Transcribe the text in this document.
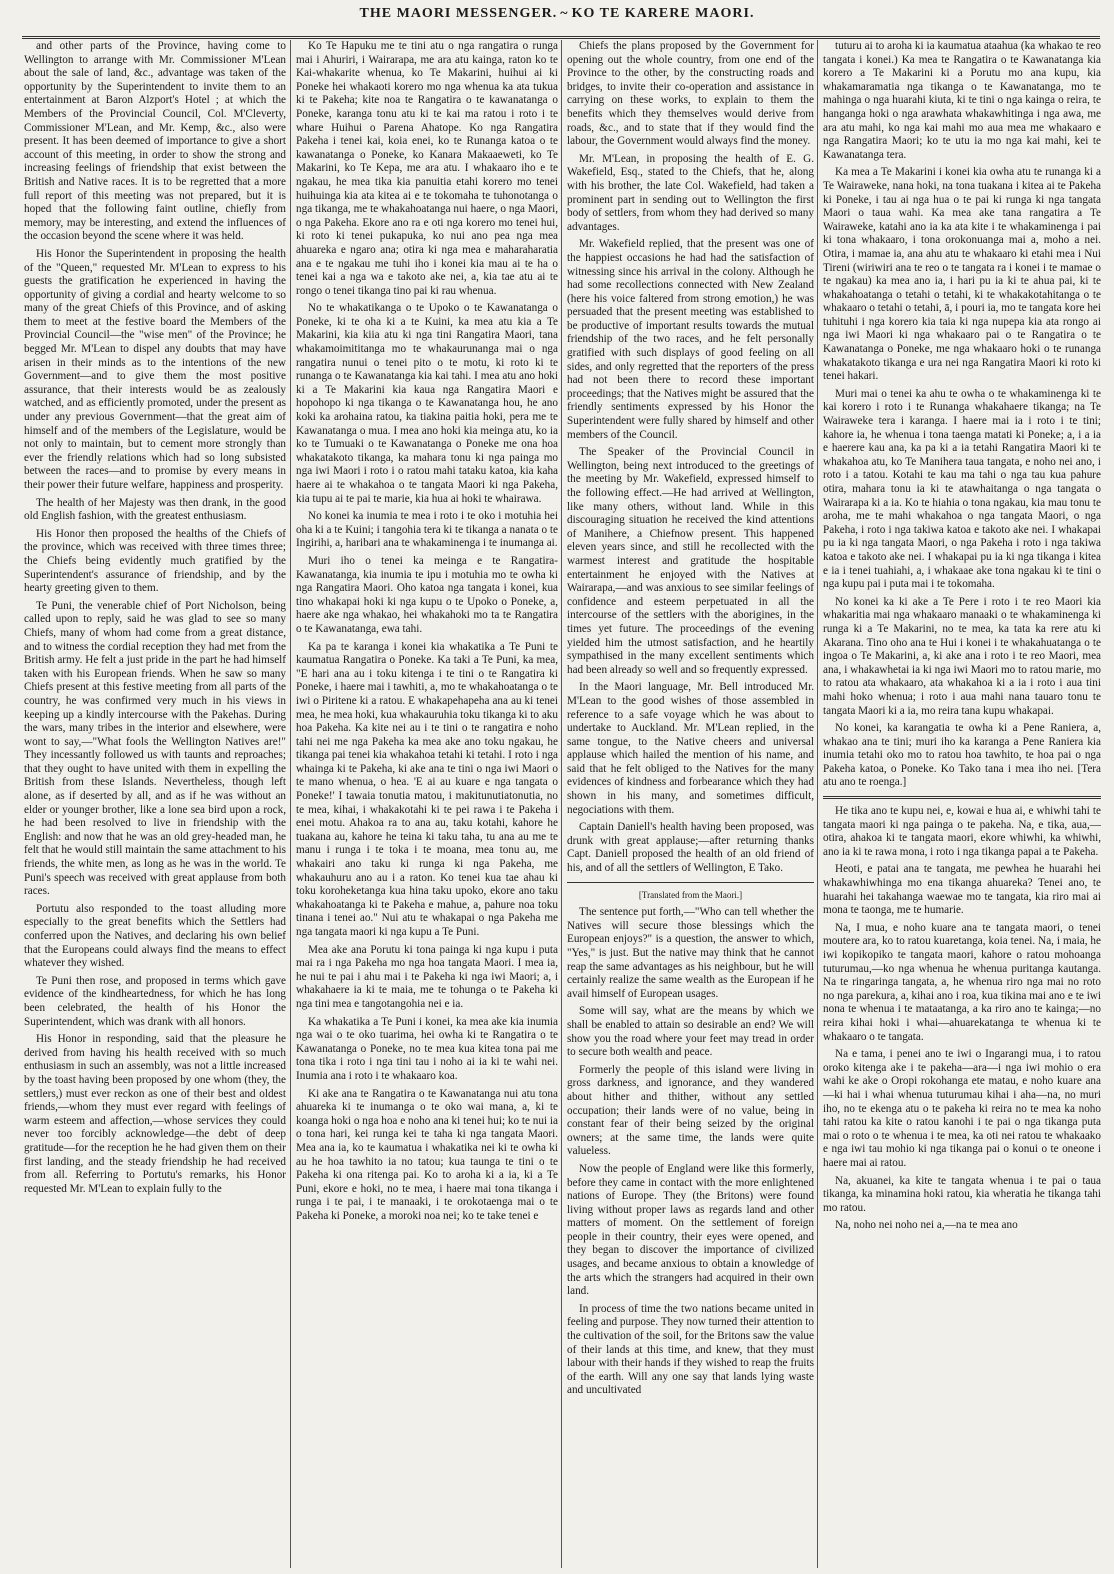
THE MAORI MESSENGER. ~ KO TE KARERE MAORI.

and other parts of the Province, having come to Wellington to arrange with Mr. Commissioner M'Lean about the sale of land, &c., advantage was taken of the opportunity by the Superintendent to invite them to an entertainment at Baron Alzport's Hotel ; at which the Members of the Provincial Council, Col. M'Cleverty, Commissioner M'Lean, and Mr. Kemp, &c., also were present. It has been deemed of importance to give a short account of this meeting, in order to show the strong and increasing feelings of friendship that exist between the British and Native races. It is to be regretted that a more full report of this meeting was not prepared, but it is hoped that the following faint outline, chiefly from memory, may be interesting, and extend the influences of the occasion beyond the scene where it was held.

His Honor the Superintendent in proposing the health of the "Queen," requested Mr. M'Lean to express to his guests the gratification he experienced in having the opportunity of giving a cordial and hearty welcome to so many of the great Chiefs of this Province, and of asking them to meet at the festive board the Members of the Provincial Council—the "wise men" of the Province; he begged Mr. M'Lean to dispel any doubts that may have arisen in their minds as to the intentions of the new Government—and to give them the most positive assurance, that their interests would be as zealously watched, and as efficiently promoted, under the present as under any previous Government—that the great aim of himself and of the members of the Legislature, would be not only to maintain, but to cement more strongly than ever the friendly relations which had so long subsisted between the races—and to promise by every means in their power their future welfare, happiness and prosperity.

The health of her Majesty was then drank, in the good old English fashion, with the greatest enthusiasm.

His Honor then proposed the healths of the Chiefs of the province, which was received with three times three; the Chiefs being evidently much gratified by the Superintendent's assurance of friendship, and by the hearty greeting given to them.

Te Puni, the venerable chief of Port Nicholson, being called upon to reply, said he was glad to see so many Chiefs, many of whom had come from a great distance, and to witness the cordial reception they had met from the British army. He felt a just pride in the part he had himself taken with his European friends. When he saw so many Chiefs present at this festive meeting from all parts of the country, he was confirmed very much in his views in keeping up a kindly intercourse with the Pakehas. During the wars, many tribes in the interior and elsewhere, were wont to say,—"What fools the Wellington Natives are!" They incessantly followed us with taunts and reproaches; that they ought to have united with them in expelling the British from these Islands. Nevertheless, though left alone, as if deserted by all, and as if he was without an elder or younger brother, like a lone sea bird upon a rock, he had been resolved to live in friendship with the English: and now that he was an old grey-headed man, he felt that he would still maintain the same attachment to his friends, the white men, as long as he was in the world. Te Puni's speech was received with great applause from both races.

Portutu also responded to the toast alluding more especially to the great benefits which the Settlers had conferred upon the Natives, and declaring his own belief that the Europeans could always find the means to effect whatever they wished.

Te Puni then rose, and proposed in terms which gave evidence of the kindheartedness, for which he has long been celebrated, the health of his Honor the Superintendent, which was drank with all honors.

His Honor in responding, said that the pleasure he derived from having his health received with so much enthusiasm in such an assembly, was not a little increased by the toast having been proposed by one whom (they, the settlers,) must ever reckon as one of their best and oldest friends,—whom they must ever regard with feelings of warm esteem and affection,—whose services they could never too forcibly acknowledge—the debt of deep gratitude—for the reception he he had given them on their first landing, and the steady friendship he had received from all. Referring to Portutu's remarks, his Honor requested Mr. M'Lean to explain fully to the

Ko Te Hapuku me te tini atu o nga rangatira o runga mai i Ahuriri, i Wairarapa, me ara atu kainga, raton ko te Kai-whakarite whenua, ko Te Makarini, huihui ai ki Poneke hei whakaoti korero mo nga whenua ka ata tukua ki te Pakeha; kite noa te Rangatira o te kawanatanga o Poneke, karanga tonu atu ki te kai ma ratou i roto i te whare Huihui o Parena Ahatope. Ko nga Rangatira Pakeha i tenei kai, koia enei, ko te Runanga katoa o te kawanatanga o Poneke, ko Kanara Makaaeweti, ko Te Makarini, ko Te Kepa, me ara atu. I whakaaro iho e te ngakau, he mea tika kia panuitia etahi korero mo tenei huihuinga kia ata kitea ai e te tokomaha te tuhonotanga o nga tikanga, me te whakahoatanga nui haere, o nga Maori, o nga Pakeha. Ekore ano ra e oti nga korero mo tenei hui, ki roto ki tenei pukapuka, ko nui ano pea nga mea ahuareka e ngaro ana; otira ki nga mea e maharaharatia ana e te ngakau me tuhi iho i konei kia mau ai te ha o tenei kai a nga wa e takoto ake nei, a, kia tae atu ai te rongo o tenei tikanga tino pai ki rau whenua.

No te whakatikanga o te Upoko o te Kawanatanga o Poneke, ki te oha ki a te Kuini, ka mea atu kia a Te Makarini, kia kiia atu ki nga tini Rangatira Maori, tana whakamoimititanga mo te whakaurunanga mai o nga rangatira nunui o tenei pito o te motu, ki roto ki te runanga o te Kawanatanga kia kai tahi. I mea atu ano hoki ki a Te Makarini kia kaua nga Rangatira Maori e hopohopo ki nga tikanga o te Kawanatanga hou, he ano koki ka arohaina ratou, ka tiakina paitia hoki, pera me te Kawanatanga o mua. I mea ano hoki kia meinga atu, ko ia ko te Tumuaki o te Kawanatanga o Poneke me ona hoa whakatakoto tikanga, ka mahara tonu ki nga painga mo nga iwi Maori i roto i o ratou mahi tataku katoa, kia kaha haere ai te whakahoa o te tangata Maori ki nga Pakeha, kia tupu ai te pai te marie, kia hua ai hoki te whairawa.

No konei ka inumia te mea i roto i te oko i motuhia hei oha ki a te Kuini; i tangohia tera ki te tikanga a nanata o te Ingirihi, a, haribari ana te whakaminenga i te inumanga ai.

Muri iho o tenei ka meinga e te Rangatira-Kawanatanga, kia inumia te ipu i motuhia mo te owha ki nga Rangatira Maori. Oho katoa nga tangata i konei, kua tino whakapai hoki ki nga kupu o te Upoko o Poneke, a, haere ake nga whakao, hei whakahoki mo ta te Rangatira o te Kawanatanga, ewa tahi.

Ka pa te karanga i konei kia whakatika a Te Puni te kaumatua Rangatira o Poneke. Ka taki a Te Puni, ka mea, "E hari ana au i toku kitenga i te tini o te Rangatira ki Poneke, i haere mai i tawhiti, a, mo te whakahoatanga o te iwi o Piritene ki a ratou. E whakapehapeha ana au ki tenei mea, he mea hoki, kua whakauruhia toku tikanga ki to aku hoa Pakeha. Ka kite nei au i te tini o te rangatira e noho tahi nei me nga Pakeha ka mea ake ano toku ngakau, he tikanga pai tenei kia whakahoa tetahi ki tetahi. I roto i nga whainga ki te Pakeha, ki ake ana te tini o nga iwi Maori o te mano whenua, o hea. 'E ai au kuare e nga tangata o Poneke!' I tawaia tonutia matou, i makitunutiatonutia, no te mea, kihai, i whakakotahi ki te pei rawa i te Pakeha i enei motu. Ahakoa ra to ana au, taku kotahi, kahore he tuakana au, kahore he teina ki taku taha, tu ana au me te manu i runga i te toka i te moana, mea tonu au, me whakairi ano taku ki runga ki nga Pakeha, me whakauhuru ano au i a raton. Ko tenei kua tae ahau ki toku koroheketanga kua hina taku upoko, ekore ano taku whakahoatanga ki te Pakeha e mahue, a, pahure noa toku tinana i tenei ao." Nui atu te whakapai o nga Pakeha me nga tangata maori ki nga kupu a Te Puni.

Mea ake ana Porutu ki tona painga ki nga kupu i puta mai ra i nga Pakeha mo nga hoa tangata Maori. I mea ia, he nui te pai i ahu mai i te Pakeha ki nga iwi Maori; a, i whakahaere ia ki te maia, me te tohunga o te Pakeha ki nga tini mea e tangotangohia nei e ia.

Ka whakatika a Te Puni i konei, ka mea ake kia inumia nga wai o te oko tuarima, hei owha ki te Rangatira o te Kawanatanga o Poneke, no te mea kua kitea tona pai me tona tika i roto i nga tini tau i noho ai ia ki te wahi nei. Inumia ana i roto i te whakaaro koa.

Ki ake ana te Rangatira o te Kawanatanga nui atu tona ahuareka ki te inumanga o te oko wai mana, a, ki te koanga hoki o nga hoa e noho ana ki tenei hui; ko te nui ia o tona hari, kei runga kei te taha ki nga tangata Maori. Mea ana ia, ko te kaumatua i whakatika nei ki te owha ki au he hoa tawhito ia no tatou; kua taunga te tini o te Pakeha ki ona ritenga pai. Ko to aroha ki a ia, ki a Te Puni, ekore e hoki, no te mea, i haere mai tona tikanga i runga i te pai, i te manaaki, i te orokotaenga mai o te Pakeha ki Poneke, a moroki noa nei; ko te take tenei e

Chiefs the plans proposed by the Government for opening out the whole country, from one end of the Province to the other, by the constructing roads and bridges, to invite their co-operation and assistance in carrying on these works, to explain to them the benefits which they themselves would derive from roads, &c., and to state that if they would find the labour, the Government would always find the money.

Mr. M'Lean, in proposing the health of E. G. Wakefield, Esq., stated to the Chiefs, that he, along with his brother, the late Col. Wakefield, had taken a prominent part in sending out to Wellington the first body of settlers, from whom they had derived so many advantages.

Mr. Wakefield replied, that the present was one of the happiest occasions he had had the satisfaction of witnessing since his arrival in the colony. Although he had some recollections connected with New Zealand (here his voice faltered from strong emotion,) he was persuaded that the present meeting was established to be productive of important results towards the mutual friendship of the two races, and he felt personally gratified with such displays of good feeling on all sides, and only regretted that the reporters of the press had not been there to record these important proceedings; that the Natives might be assured that the friendly sentiments expressed by his Honor the Superintendent were fully shared by himself and other members of the Council.

The Speaker of the Provincial Council in Wellington, being next introduced to the greetings of the meeting by Mr. Wakefield, expressed himself to the following effect.—He had arrived at Wellington, like many others, without land. While in this discouraging situation he received the kind attentions of Manihere, a Chiefnow present. This happened eleven years since, and still he recollected with the warmest interest and gratitude the hospitable entertainment he enjoyed with the Natives at Wairarapa,—and was anxious to see similar feelings of confidence and esteem perpetuated in all the intercourse of the settlers with the aborigines, in the times yet future. The proceedings of the evening yielded him the utmost satisfaction, and he heartily sympathised in the many excellent sentiments which had been already so well and so frequently expressed.

In the Maori language, Mr. Bell introduced Mr. M'Lean to the good wishes of those assembled in reference to a safe voyage which he was about to undertake to Auckland. Mr. M'Lean replied, in the same tongue, to the Native cheers and universal applause which hailed the mention of his name, and said that he felt obliged to the Natives for the many evidences of kindness and forbearance which they had shown in his many, and sometimes difficult, negociations with them.

Captain Daniell's health having been proposed, was drunk with great applause;—after returning thanks Capt. Daniell proposed the health of an old friend of his, and of all the settlers of Wellington, E Tako.

[Translated from the Maori.]

The sentence put forth,—"Who can tell whether the Natives will secure those blessings which the European enjoys?" is a question, the answer to which, "Yes," is just. But the native may think that he cannot reap the same advantages as his neighbour, but he will certainly realize the same wealth as the European if he avail himself of European usages.

Some will say, what are the means by which we shall be enabled to attain so desirable an end? We will show you the road where your feet may tread in order to secure both wealth and peace.

Formerly the people of this island were living in gross darkness, and ignorance, and they wandered about hither and thither, without any settled occupation; their lands were of no value, being in constant fear of their being seized by the original owners; at the same time, the lands were quite valueless.

Now the people of England were like this formerly, before they came in contact with the more enlightened nations of Europe. They (the Britons) were found living without proper laws as regards land and other matters of moment. On the settlement of foreign people in their country, their eyes were opened, and they began to discover the importance of civilized usages, and became anxious to obtain a knowledge of the arts which the strangers had acquired in their own land.

In process of time the two nations became united in feeling and purpose. They now turned their attention to the cultivation of the soil, for the Britons saw the value of their lands at this time, and knew, that they must labour with their hands if they wished to reap the fruits of the earth. Will any one say that lands lying waste and uncultivated

tuturu ai to aroha ki ia kaumatua ataahua (ka whakao te reo tangata i konei.) Ka mea te Rangatira o te Kawanatanga kia korero a Te Makarini ki a Porutu mo ana kupu, kia whakamaramatia nga tikanga o te Kawanatanga, mo te mahinga o nga huarahi kiuta, ki te tini o nga kainga o reira, te hanganga hoki o nga arawhata whakawhitinga i nga awa, me ara atu mahi, ko nga kai mahi mo aua mea me whakaaro e nga Rangatira Maori; ko te utu ia mo nga kai mahi, kei te Kawanatanga tera.

Ka mea a Te Makarini i konei kia owha atu te runanga ki a Te Wairaweke, nana hoki, na tona tuakana i kitea ai te Pakeha ki Poneke, i tau ai nga hua o te pai ki runga ki nga tangata Maori o taua wahi. Ka mea ake tana rangatira a Te Wairaweke, katahi ano ia ka ata kite i te whakaminenga i pai ki tona whakaaro, i tona orokonuanga mai a, moho a nei. Otira, i mamae ia, ana ahu atu te whakaaro ki etahi mea i Nui Tireni (wiriwiri ana te reo o te tangata ra i konei i te mamae o te ngakau) ka mea ano ia, i hari pu ia ki te ahua pai, ki te whakahoatanga o tetahi o tetahi, ki te whakakotahitanga o te whakaaro o tetahi o tetahi, ā, i pouri ia, mo te tangata kore hei tuhituhi i nga korero kia taia ki nga nupepa kia ata rongo ai nga iwi Maori ki nga whakaaro pai o te Rangatira o te Kawanatanga o Poneke, me nga whakaaro hoki o te runanga whakatakoto tikanga e ura nei nga Rangatira Maori ki roto ki tenei hakari.

Muri mai o tenei ka ahu te owha o te whakaminenga ki te kai korero i roto i te Runanga whakahaere tikanga; na Te Wairaweke tera i karanga. I haere mai ia i roto i te tini; kahore ia, he whenua i tona taenga matati ki Poneke; a, i a ia e haerere kau ana, ka pa ki a ia tetahi Rangatira Maori ki te whakahoa atu, ko Te Manihera taua tangata, e noho nei ano, i roto i a tatou. Kotahi te kau ma tahi o nga tau kua pahure otira, mahara tonu ia ki te atawhaitanga o nga tangata o Wairarapa ki a ia. Ko te hiahia o tona ngakau, kia mau tonu te aroha, me te mahi whakahoa o nga tangata Maori, o nga Pakeha, i roto i nga takiwa katoa e takoto ake nei. I whakapai pu ia ki nga tangata Maori, o nga Pakeha i roto i nga takiwa katoa e takoto ake nei. I whakapai pu ia ki nga tikanga i kitea e ia i tenei tuahiahi, a, i whakaae ake tona ngakau ki te tini o nga kupu pai i puta mai i te tokomaha.

No konei ka ki ake a Te Pere i roto i te reo Maori kia whakaritia mai nga whakaaro manaaki o te whakaminenga ki runga ki a Te Makarini, no te mea, ka tata ka rere atu ki Akarana. Tino oho ana te Hui i konei i te whakahuatanga o te ingoa o Te Makarini, a, ki ake ana i roto i te reo Maori, mea ana, i whakawhetai ia ki nga iwi Maori mo to ratou marie, mo to ratou ata whakaaro, ata whakahoa ki a ia i roto i aua tini mahi hoko whenua; i roto i aua mahi nana tauaro tonu te tangata Maori ki a ia, mo reira tana kupu whakapai.

No konei, ka karangatia te owha ki a Pene Raniera, a, whakao ana te tini; muri iho ka karanga a Pene Raniera kia inumia tetahi oko mo to ratou hoa tawhito, te hoa pai o nga Pakeha katoa, o Poneke. Ko Tako tana i mea iho nei. [Tera atu ano te roenga.]

He tika ano te kupu nei, e, kowai e hua ai, e whiwhi tahi te tangata maori ki nga painga o te pakeha. Na, e tika, aua,—otira, ahakoa ki te tangata maori, ekore whiwhi, ka whiwhi, ano ia ki te rawa mona, i roto i nga tikanga papai a te Pakeha.

Heoti, e patai ana te tangata, me pewhea he huarahi hei whakawhiwhinga mo ena tikanga ahuareka? Tenei ano, te huarahi hei takahanga waewae mo te tangata, kia riro mai ai mona te taonga, me te humarie.

Na, I mua, e noho kuare ana te tangata maori, o tenei moutere ara, ko to ratou kuaretanga, koia tenei. Na, i maia, he iwi kopikopiko te tangata maori, kahore o ratou mohoanga tuturumau,—ko nga whenua he whenua puritanga kautanga. Na te ringaringa tangata, a, he whenua riro nga mai no roto no nga parekura, a, kihai ano i roa, kua tikina mai ano e te iwi nona te whenua i te mataatanga, a ka riro ano te kainga;—no reira kihai hoki i whai—ahuarekatanga te whenua ki te whakaaro o te tangata.

Na e tama, i penei ano te iwi o Ingarangi mua, i to ratou oroko kitenga ake i te pakeha—ara—i nga iwi mohio o era wahi ke ake o Oropi rokohanga ete matau, e noho kuare ana—ki hai i whai whenua tuturumau kihai i aha—na, no muri iho, no te ekenga atu o te pakeha ki reira no te mea ka noho tahi ratou ka kite o ratou kanohi i te pai o nga tikanga puta mai o roto o te whenua i te mea, ka oti nei ratou te whakaako e nga iwi tau mohio ki nga tikanga pai o konui o te oneone i haere mai ai ratou.

Na, akuanei, ka kite te tangata whenua i te pai o taua tikanga, ka minamina hoki ratou, kia wheratia he tikanga tahi mo ratou.

Na, noho nei noho nei a,—na te mea ano
